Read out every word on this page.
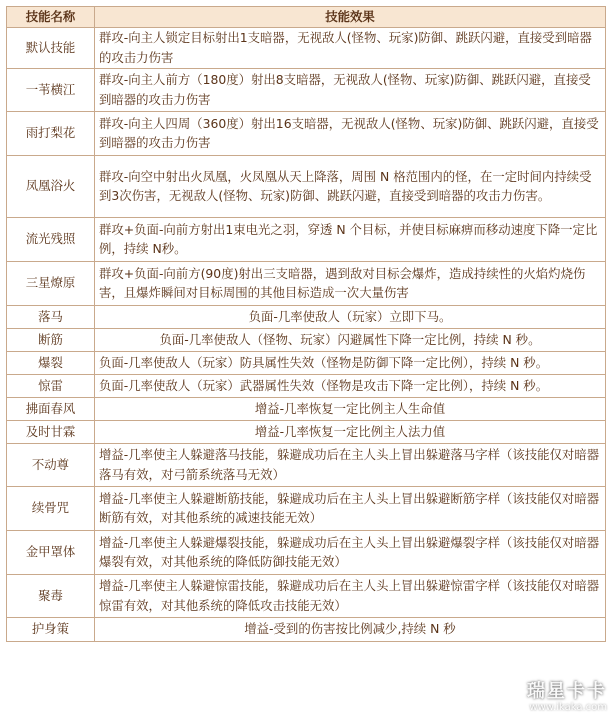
技能名称	技能效果
默认技能	群攻-向主人锁定目标射出1支暗器，无视敌人(怪物、玩家)防御、跳跃闪避，直接受到暗器的攻击力伤害
一苇横江	群攻-向主人前方（180度）射出8支暗器，无视敌人(怪物、玩家)防御、跳跃闪避，直接受到暗器的攻击力伤害
雨打梨花	群攻-向主人四周（360度）射出16支暗器，无视敌人(怪物、玩家)防御、跳跃闪避，直接受到暗器的攻击力伤害
凤凰浴火	群攻-向空中射出火凤凰，火凤凰从天上降落，周围 N 格范围内的怪，在一定时间内持续受到3次伤害，无视敌人(怪物、玩家)防御、跳跃闪避，直接受到暗器的攻击力伤害。
流光残照	群攻+负面-向前方射出1束电光之羽，穿透 N 个目标，并使目标麻痹而移动速度下降一定比例，持续 N秒。
三星燎原	群攻+负面-向前方(90度)射出三支暗器，遇到敌对目标会爆炸，造成持续性的火焰灼烧伤害，且爆炸瞬间对目标周围的其他目标造成一次大量伤害
落马	负面-几率使敌人（玩家）立即下马。
断筋	负面-几率使敌人（怪物、玩家）闪避属性下降一定比例，持续 N 秒。
爆裂	负面-几率使敌人（玩家）防具属性失效（怪物是防御下降一定比例），持续 N 秒。
惊雷	负面-几率使敌人（玩家）武器属性失效（怪物是攻击下降一定比例），持续 N 秒。
拂面春风	增益-几率恢复一定比例主人生命值
及时甘霖	增益-几率恢复一定比例主人法力值
不动尊	增益-几率使主人躲避落马技能，躲避成功后在主人头上冒出躲避落马字样（该技能仅对暗器落马有效，对弓箭系统落马无效）
续骨咒	增益-几率使主人躲避断筋技能，躲避成功后在主人头上冒出躲避断筋字样（该技能仅对暗器断筋有效，对其他系统的减速技能无效）
金甲罩体	增益-几率使主人躲避爆裂技能，躲避成功后在主人头上冒出躲避爆裂字样（该技能仅对暗器爆裂有效，对其他系统的降低防御技能无效）
聚毒	增益-几率使主人躲避惊雷技能，躲避成功后在主人头上冒出躲避惊雷字样（该技能仅对暗器惊雷有效，对其他系统的降低攻击技能无效）
护身策	增益-受到的伤害按比例减少,持续 N 秒
瑞星卡卡
www.ikaka.com
